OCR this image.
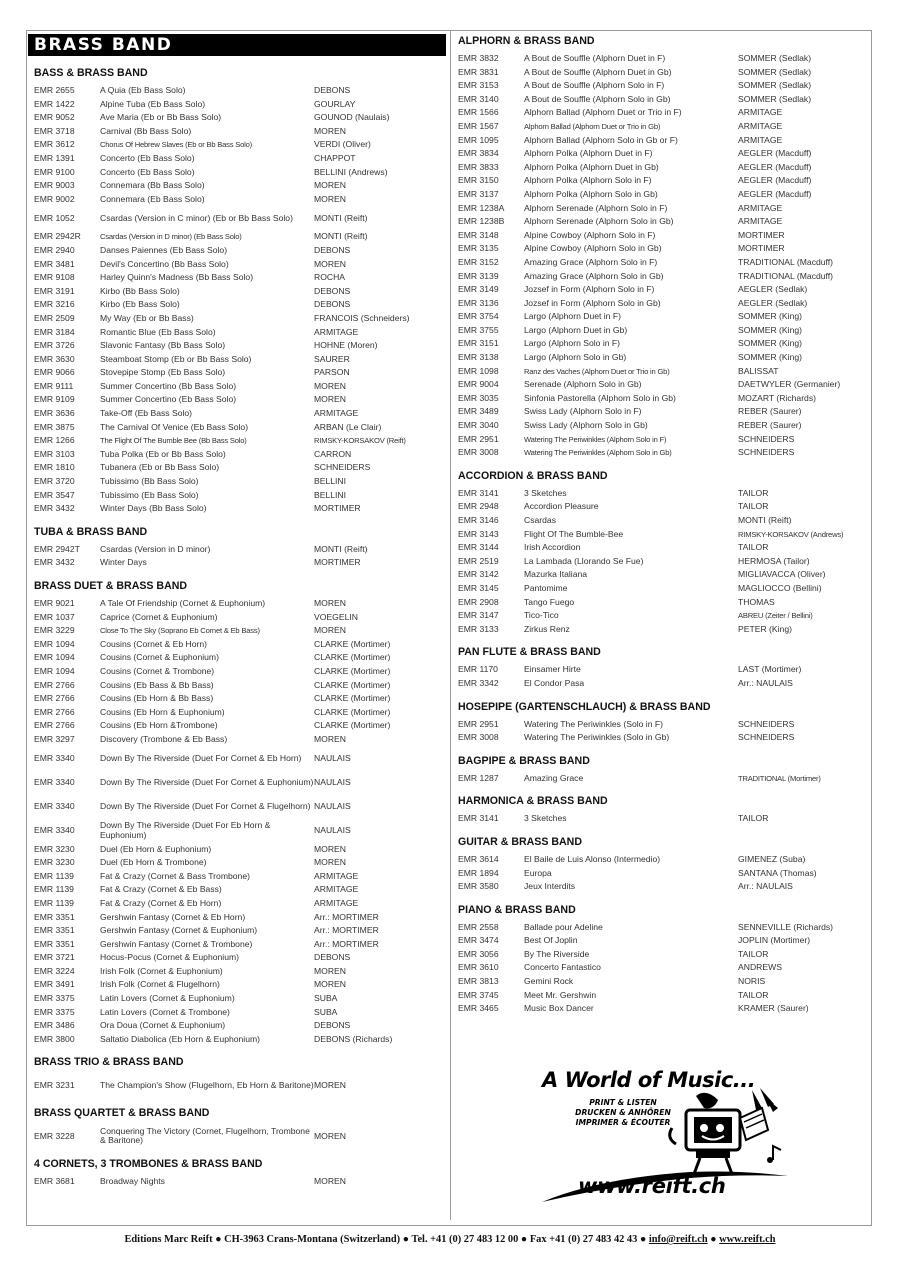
BRASS BAND
BASS & BRASS BAND
EMR 2655	A Quia (Eb Bass Solo)	DEBONS
EMR 1422	Alpine Tuba (Eb Bass Solo)	GOURLAY
EMR 9052	Ave Maria (Eb or Bb Bass Solo)	GOUNOD (Naulais)
EMR 3718	Carnival (Bb Bass Solo)	MOREN
EMR 3612	Chorus Of Hebrew Slaves (Eb or Bb Bass Solo)	VERDI (Oliver)
EMR 1391	Concerto (Eb Bass Solo)	CHAPPOT
EMR 9100	Concerto (Eb Bass Solo)	BELLINI (Andrews)
EMR 9003	Connemara (Bb Bass Solo)	MOREN
EMR 9002	Connemara (Eb Bass Solo)	MOREN
EMR 1052	Csardas (Version in C minor) (Eb or Bb Bass Solo)	MONTI (Reift)
EMR 2942R	Csardas (Version in D minor) (Eb Bass Solo)	MONTI (Reift)
EMR 2940	Danses Paiennes (Eb Bass Solo)	DEBONS
EMR 3481	Devil's Concertino (Bb Bass Solo)	MOREN
EMR 9108	Harley Quinn's Madness (Bb Bass Solo)	ROCHA
EMR 3191	Kirbo (Bb Bass Solo)	DEBONS
EMR 3216	Kirbo (Eb Bass Solo)	DEBONS
EMR 2509	My Way (Eb or Bb Bass)	FRANCOIS (Schneiders)
EMR 3184	Romantic Blue (Eb Bass Solo)	ARMITAGE
EMR 3726	Slavonic Fantasy (Bb Bass Solo)	HOHNE (Moren)
EMR 3630	Steamboat Stomp (Eb or Bb Bass Solo)	SAURER
EMR 9066	Stovepipe Stomp (Eb Bass Solo)	PARSON
EMR 9111	Summer Concertino (Bb Bass Solo)	MOREN
EMR 9109	Summer Concertino (Eb Bass Solo)	MOREN
EMR 3636	Take-Off (Eb Bass Solo)	ARMITAGE
EMR 3875	The Carnival Of Venice (Eb Bass Solo)	ARBAN (Le Clair)
EMR 1266	The Flight Of The Bumble Bee (Bb Bass Solo)	RIMSKY-KORSAKOV (Reift)
EMR 3103	Tuba Polka (Eb or Bb Bass Solo)	CARRON
EMR 1810	Tubanera (Eb or Bb Bass Solo)	SCHNEIDERS
EMR 3720	Tubissimo (Bb Bass Solo)	BELLINI
EMR 3547	Tubissimo (Eb Bass Solo)	BELLINI
EMR 3432	Winter Days (Bb Bass Solo)	MORTIMER
TUBA & BRASS BAND
EMR 2942T	Csardas (Version in D minor)	MONTI (Reift)
EMR 3432	Winter Days	MORTIMER
BRASS DUET & BRASS BAND
EMR 9021	A Tale Of Friendship (Cornet & Euphonium)	MOREN
EMR 1037	Caprice (Cornet & Euphonium)	VOEGELIN
EMR 3229	Close To The Sky (Soprano Eb Cornet & Eb Bass)	MOREN
EMR 1094	Cousins (Cornet & Eb Horn)	CLARKE (Mortimer)
EMR 1094	Cousins (Cornet & Euphonium)	CLARKE (Mortimer)
EMR 1094	Cousins (Cornet & Trombone)	CLARKE (Mortimer)
EMR 2766	Cousins (Eb Bass & Bb Bass)	CLARKE (Mortimer)
EMR 2766	Cousins (Eb Horn & Bb Bass)	CLARKE (Mortimer)
EMR 2766	Cousins (Eb Horn & Euphonium)	CLARKE (Mortimer)
EMR 2766	Cousins (Eb Horn &Trombone)	CLARKE (Mortimer)
EMR 3297	Discovery (Trombone & Eb Bass)	MOREN
EMR 3340	Down By The Riverside (Duet For Cornet & Eb Horn)	NAULAIS
EMR 3340	Down By The Riverside (Duet For Cornet & Euphonium) NAULAIS
EMR 3340	Down By The Riverside (Duet For Cornet & Flugelhorn) NAULAIS
EMR 3340	Down By The Riverside (Duet For Eb Horn & Euphonium)	NAULAIS
EMR 3230	Duel (Eb Horn & Euphonium)	MOREN
EMR 3230	Duel (Eb Horn & Trombone)	MOREN
EMR 1139	Fat & Crazy (Cornet & Bass Trombone)	ARMITAGE
EMR 1139	Fat & Crazy (Cornet & Eb Bass)	ARMITAGE
EMR 1139	Fat & Crazy (Cornet & Eb Horn)	ARMITAGE
EMR 3351	Gershwin Fantasy (Cornet & Eb Horn)	Arr.: MORTIMER
EMR 3351	Gershwin Fantasy (Cornet & Euphonium)	Arr.: MORTIMER
EMR 3351	Gershwin Fantasy (Cornet & Trombone)	Arr.: MORTIMER
EMR 3721	Hocus-Pocus (Cornet & Euphonium)	DEBONS
EMR 3224	Irish Folk (Cornet & Euphonium)	MOREN
EMR 3491	Irish Folk (Cornet & Flugelhorn)	MOREN
EMR 3375	Latin Lovers (Cornet & Euphonium)	SUBA
EMR 3375	Latin Lovers (Cornet & Trombone)	SUBA
EMR 3486	Ora Doua (Cornet & Euphonium)	DEBONS
EMR 3800	Saltatio Diabolica (Eb Horn & Euphonium)	DEBONS (Richards)
BRASS TRIO & BRASS BAND
EMR 3231	The Champion's Show (Flugelhorn, Eb Horn & Baritone) MOREN
BRASS QUARTET & BRASS BAND
EMR 3228	Conquering The Victory (Cornet, Flugelhorn, Trombone & Baritone)	MOREN
4 CORNETS, 3 TROMBONES & BRASS BAND
EMR 3681	Broadway Nights	MOREN
ALPHORN & BRASS BAND
EMR 3832	A Bout de Souffle (Alphorn Duet in F)	SOMMER (Sedlak)
EMR 3831	A Bout de Souffle (Alphorn Duet in Gb)	SOMMER (Sedlak)
EMR 3153	A Bout de Souffle (Alphorn Solo in F)	SOMMER (Sedlak)
EMR 3140	A Bout de Souffle (Alphorn Solo in Gb)	SOMMER (Sedlak)
EMR 1566	Alphorn Ballad (Alphorn Duet or Trio in F)	ARMITAGE
EMR 1567	Alphorn Ballad (Alphorn Duet or Trio in Gb)	ARMITAGE
EMR 1095	Alphorn Ballad (Alphorn Solo in Gb or F)	ARMITAGE
EMR 3834	Alphorn Polka (Alphorn Duet in F)	AEGLER (Macduff)
EMR 3833	Alphorn Polka (Alphorn Duet in Gb)	AEGLER (Macduff)
EMR 3150	Alphorn Polka (Alphorn Solo in F)	AEGLER (Macduff)
EMR 3137	Alphorn Polka (Alphorn Solo in Gb)	AEGLER (Macduff)
EMR 1238A	Alphorn Serenade (Alphorn Solo in F)	ARMITAGE
EMR 1238B	Alphorn Serenade (Alphorn Solo in Gb)	ARMITAGE
EMR 3148	Alpine Cowboy (Alphorn Solo in F)	MORTIMER
EMR 3135	Alpine Cowboy (Alphorn Solo in Gb)	MORTIMER
EMR 3152	Amazing Grace (Alphorn Solo in F)	TRADITIONAL (Macduff)
EMR 3139	Amazing Grace (Alphorn Solo in Gb)	TRADITIONAL (Macduff)
EMR 3149	Jozsef in Form (Alphorn Solo in F)	AEGLER (Sedlak)
EMR 3136	Jozsef in Form (Alphorn Solo in Gb)	AEGLER (Sedlak)
EMR 3754	Largo (Alphorn Duet in F)	SOMMER (King)
EMR 3755	Largo (Alphorn Duet in Gb)	SOMMER (King)
EMR 3151	Largo (Alphorn Solo in F)	SOMMER (King)
EMR 3138	Largo (Alphorn Solo in Gb)	SOMMER (King)
EMR 1098	Ranz des Vaches (Alphorn Duet or Trio in Gb)	BALISSAT
EMR 9004	Serenade (Alphorn Solo in Gb)	DAETWYLER (Germanier)
EMR 3035	Sinfonia Pastorella (Alphorn Solo in Gb)	MOZART (Richards)
EMR 3489	Swiss Lady (Alphorn Solo in F)	REBER (Saurer)
EMR 3040	Swiss Lady (Alphorn Solo in Gb)	REBER (Saurer)
EMR 2951	Watering The Periwinkles (Alphorn Solo in F)	SCHNEIDERS
EMR 3008	Watering The Periwinkles (Alphorn Solo in Gb)	SCHNEIDERS
ACCORDION & BRASS BAND
EMR 3141	3 Sketches	TAILOR
EMR 2948	Accordion Pleasure	TAILOR
EMR 3146	Csardas	MONTI (Reift)
EMR 3143	Flight Of The Bumble-Bee	RIMSKY-KORSAKOV (Andrews)
EMR 3144	Irish Accordion	TAILOR
EMR 2519	La Lambada (Llorando Se Fue)	HERMOSA (Tailor)
EMR 3142	Mazurka Italiana	MIGLIAVACCA (Oliver)
EMR 3145	Pantomime	MAGLIOCCO (Bellini)
EMR 2908	Tango Fuego	THOMAS
EMR 3147	Tico-Tico	ABREU (Zeiter / Bellini)
EMR 3133	Zirkus Renz	PETER (King)
PAN FLUTE & BRASS BAND
EMR 1170	Einsamer Hirte	LAST (Mortimer)
EMR 3342	El Condor Pasa	Arr.: NAULAIS
HOSEPIPE (GARTENSCHLAUCH) & BRASS BAND
EMR 2951	Watering The Periwinkles (Solo in F)	SCHNEIDERS
EMR 3008	Watering The Periwinkles (Solo in Gb)	SCHNEIDERS
BAGPIPE & BRASS BAND
EMR 1287	Amazing Grace	TRADITIONAL (Mortimer)
HARMONICA & BRASS BAND
EMR 3141	3 Sketches	TAILOR
GUITAR & BRASS BAND
EMR 3614	El Baile de Luis Alonso (Intermedio)	GIMENEZ (Suba)
EMR 1894	Europa	SANTANA (Thomas)
EMR 3580	Jeux Interdits	Arr.: NAULAIS
PIANO & BRASS BAND
EMR 2558	Ballade pour Adeline	SENNEVILLE (Richards)
EMR 3474	Best Of Joplin	JOPLIN (Mortimer)
EMR 3056	By The Riverside	TAILOR
EMR 3610	Concerto Fantastico	ANDREWS
EMR 3813	Gemini Rock	NORIS
EMR 3745	Meet Mr. Gershwin	TAILOR
EMR 3465	Music Box Dancer	KRAMER (Saurer)
A World of Music...
PRINT & LISTEN
DRUCKEN & ANHÖREN
IMPRIMER & ÉCOUTER
www.reift.ch
Editions Marc Reift ● CH-3963 Crans-Montana (Switzerland) ● Tel. +41 (0) 27 483 12 00 ● Fax +41 (0) 27 483 42 43 ● info@reift.ch ● www.reift.ch
